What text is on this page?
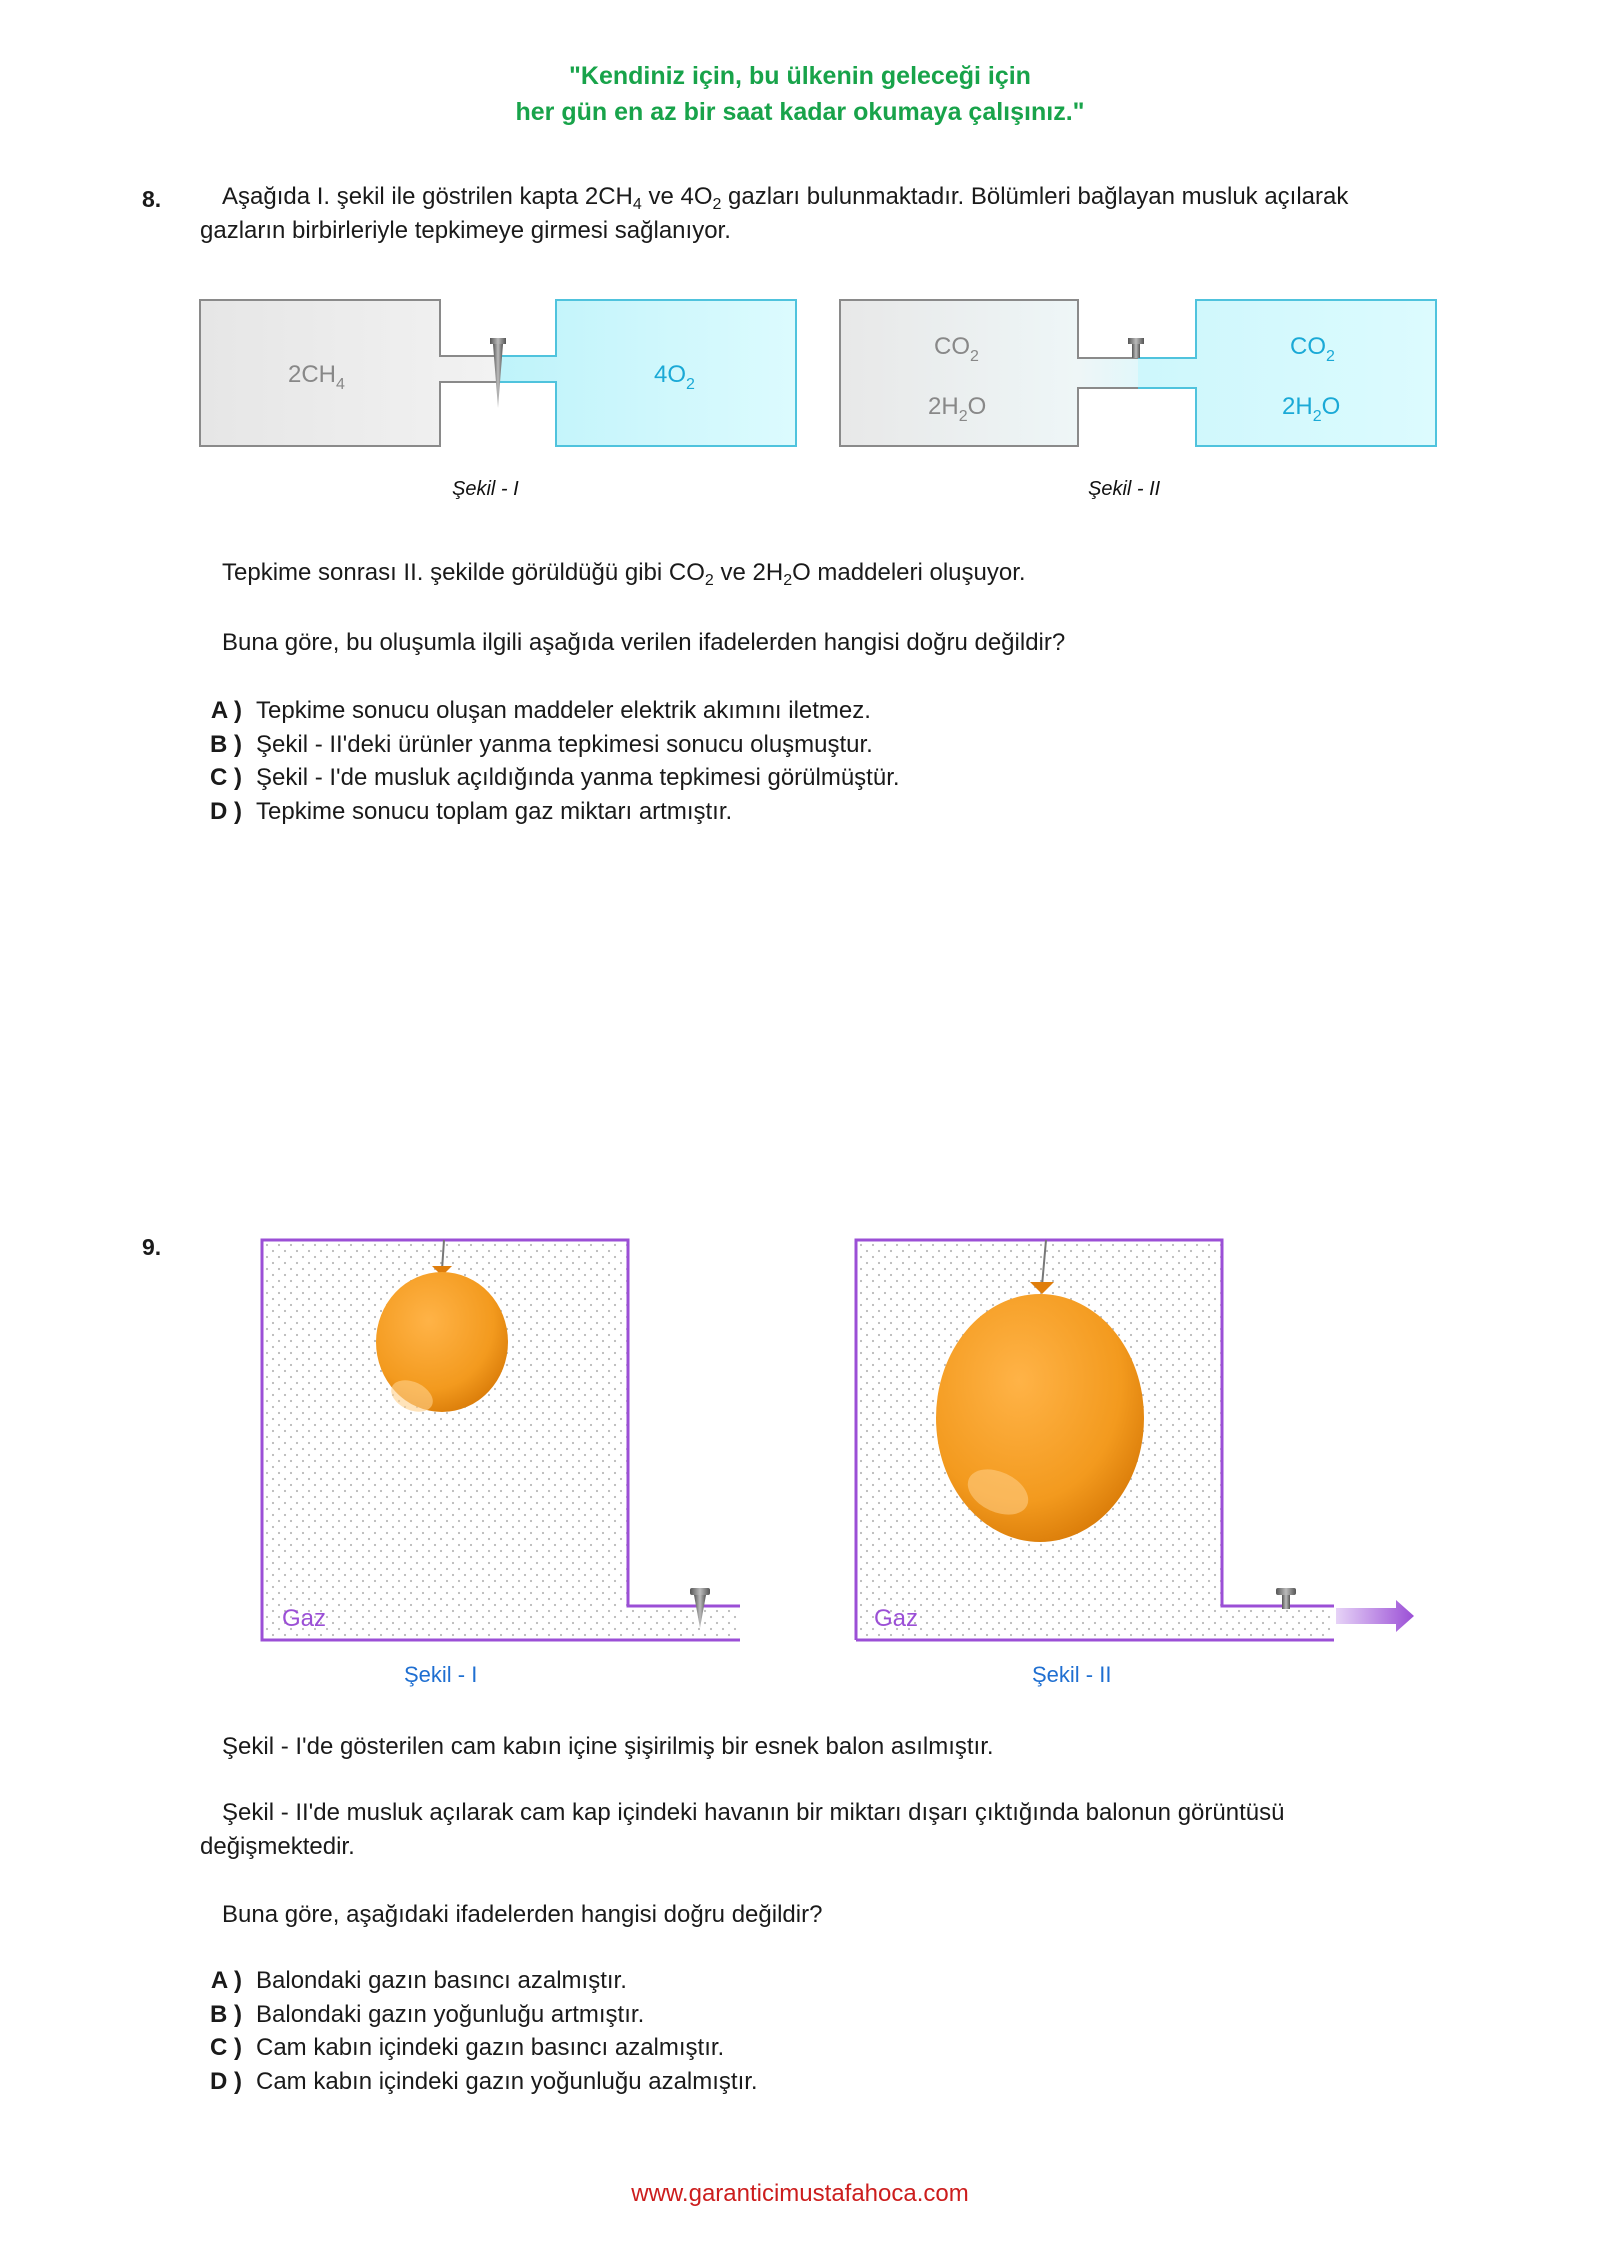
"Kendiniz için, bu ülkenin geleceği için
her gün en az bir saat kadar okumaya çalışınız."
8.	Aşağıda I. şekil ile göstrilen kapta $2CH_4$ ve $4O_2$ gazları bulunmaktadır. Bölümleri bağlayan musluk açılarak gazların birbirleriyle tepkimeye girmesi sağlanıyor.
$2CH_4$	$4O_2$
Şekil - I
$CO_2$
$2H_2O$
$CO_2$
$2H_2O$
Şekil - II
Tepkime sonrası II. şekilde görüldüğü gibi $CO_2$ ve $2H_2O$ maddeleri oluşuyor.
Buna göre, bu oluşumla ilgili aşağıda verilen ifadelerden hangisi doğru değildir?
A ) Tepkime sonucu oluşan maddeler elektrik akımını iletmez.
B ) Şekil - II'deki ürünler yanma tepkimesi sonucu oluşmuştur.
C ) Şekil - I'de musluk açıldığında yanma tepkimesi görülmüştür.
D ) Tepkime sonucu toplam gaz miktarı artmıştır.
9.
Gaz
Şekil - I
Gaz
Şekil - II
Şekil - I'de gösterilen cam kabın içine şişirilmiş bir esnek balon asılmıştır.
Şekil - II'de musluk açılarak cam kap içindeki havanın bir miktarı dışarı çıktığında balonun görüntüsü değişmektedir.
Buna göre, aşağıdaki ifadelerden hangisi doğru değildir?
A ) Balondaki gazın basıncı azalmıştır.
B ) Balondaki gazın yoğunluğu artmıştır.
C ) Cam kabın içindeki gazın basıncı azalmıştır.
D ) Cam kabın içindeki gazın yoğunluğu azalmıştır.
www.garanticimustafahoca.com
